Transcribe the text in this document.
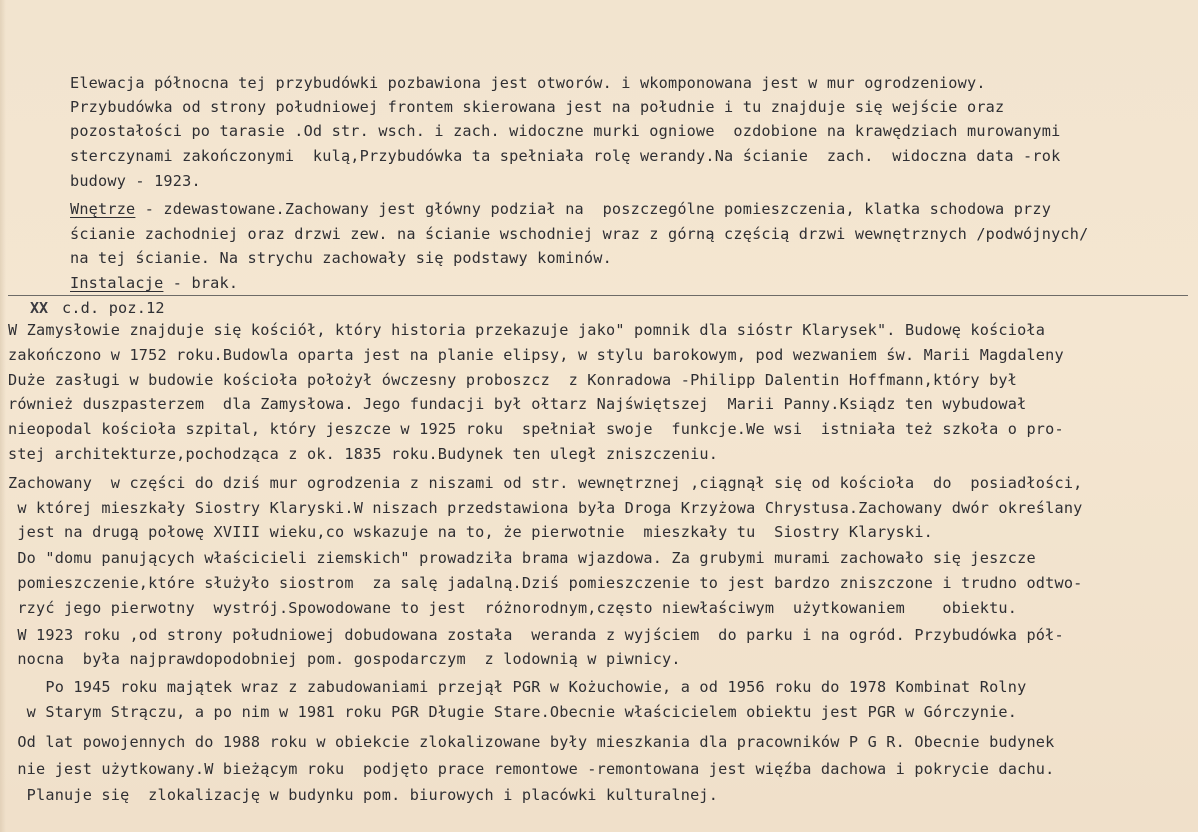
Elewacja północna tej przybudówki pozbawiona jest otworów. i wkomponowana jest w mur ogrodzeniowy.
Przybudówka od strony południowej frontem skierowana jest na południe i tu znajduje się wejście oraz
pozostałości po tarasie .Od str. wsch. i zach. widoczne murki ogniowe  ozdobione na krawędziach murowanymi
sterczynami zakończonymi  kulą,Przybudówka ta spełniała rolę werandy.Na ścianie  zach.  widoczna data -rok
budowy - 1923.
Wnętrze - zdewastowane.Zachowany jest główny podział na  poszczególne pomieszczenia, klatka schodowa przy
ścianie zachodniej oraz drzwi zew. na ścianie wschodniej wraz z górną częścią drzwi wewnętrznych /podwójnych/
na tej ścianie. Na strychu zachowały się podstawy kominów.
Instalacje - brak.
XX c.d. poz.12
W Zamysłowie znajduje się kościół, który historia przekazuje jako" pomnik dla sióstr Klarysek". Budowę kościoła
zakończono w 1752 roku.Budowla oparta jest na planie elipsy, w stylu barokowym, pod wezwaniem św. Marii Magdaleny
Duże zasługi w budowie kościoła położył ówczesny proboszcz  z Konradowa -Philipp Dalentin Hoffmann,który był
również duszpasterzem  dla Zamysłowa. Jego fundacji był ołtarz Najświętszej  Marii Panny.Ksiądz ten wybudował
nieopodal kościoła szpital, który jeszcze w 1925 roku  spełniał swoje  funkcje.We wsi  istniała też szkoła o pro-
stej architekturze,pochodząca z ok. 1835 roku.Budynek ten uległ zniszczeniu.
Zachowany  w części do dziś mur ogrodzenia z niszami od str. wewnętrznej ,ciągnął się od kościoła  do  posiadłości,
w której mieszkały Siostry Klaryski.W niszach przedstawiona była Droga Krzyżowa Chrystusa.Zachowany dwór określany
jest na drugą połowę XVIII wieku,co wskazuje na to, że pierwotnie  mieszkały tu  Siostry Klaryski.
Do "domu panujących właścicieli ziemskich" prowadziła brama wjazdowa. Za grubymi murami zachowało się jeszcze
pomieszczenie,które służyło siostrom  za salę jadalną.Dziś pomieszczenie to jest bardzo zniszczone i trudno odtwo-
rzyć jego pierwotny  wystrój.Spowodowane to jest  różnorodnym,często niewłaściwym  użytkowaniem    obiektu.
W 1923 roku ,od strony południowej dobudowana została  weranda z wyjściem  do parku i na ogród. Przybudówka pół-
nocna  była najprawdopodobniej pom. gospodarczym  z lodownią w piwnicy.
Po 1945 roku majątek wraz z zabudowaniami przejął PGR w Kożuchowie, a od 1956 roku do 1978 Kombinat Rolny
w Starym Strączu, a po nim w 1981 roku PGR Długie Stare.Obecnie właścicielem obiektu jest PGR w Górczynie.
Od lat powojennych do 1988 roku w obiekcie zlokalizowane były mieszkania dla pracowników P G R. Obecnie budynek
nie jest użytkowany.W bieżącym roku  podjęto prace remontowe -remontowana jest więźba dachowa i pokrycie dachu.
Planuje się  zlokalizację w budynku pom. biurowych i placówki kulturalnej.
